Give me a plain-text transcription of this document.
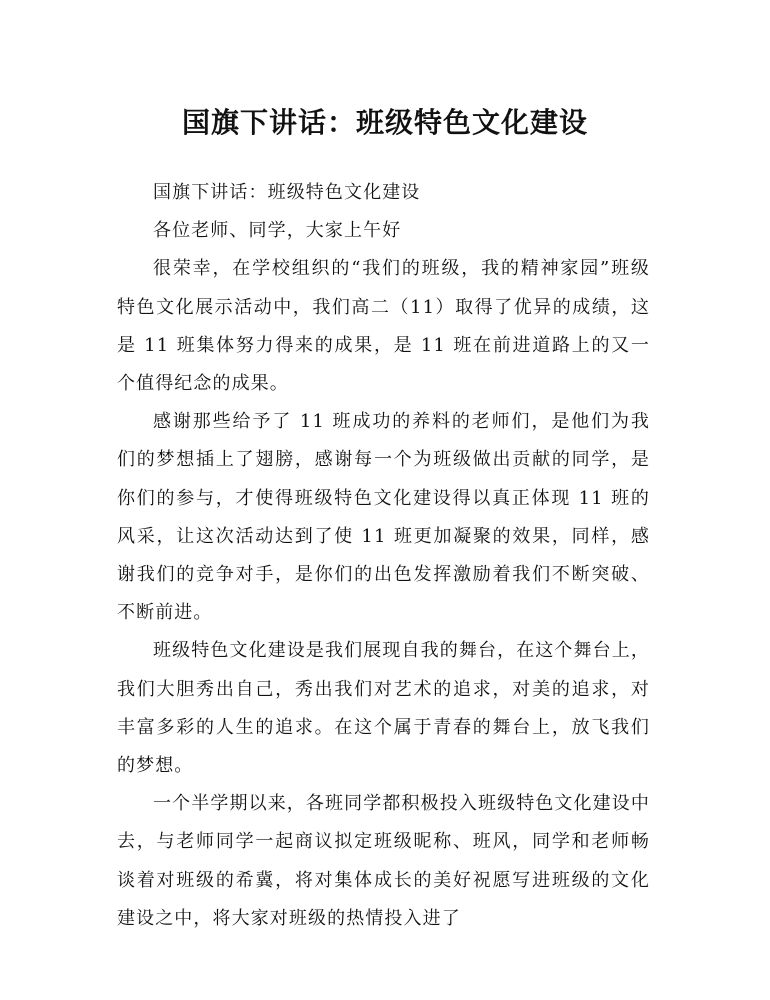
国旗下讲话：班级特色文化建设

国旗下讲话：班级特色文化建设

各位老师、同学，大家上午好

很荣幸，在学校组织的“我们的班级，我的精神家园”班级特色文化展示活动中，我们高二（11）取得了优异的成绩，这是 11 班集体努力得来的成果，是 11 班在前进道路上的又一个值得纪念的成果。

感谢那些给予了 11 班成功的养料的老师们，是他们为我们的梦想插上了翅膀，感谢每一个为班级做出贡献的同学，是你们的参与，才使得班级特色文化建设得以真正体现 11 班的风采，让这次活动达到了使 11 班更加凝聚的效果，同样，感谢我们的竞争对手，是你们的出色发挥激励着我们不断突破、不断前进。

班级特色文化建设是我们展现自我的舞台，在这个舞台上，我们大胆秀出自己，秀出我们对艺术的追求，对美的追求，对丰富多彩的人生的追求。在这个属于青春的舞台上，放飞我们的梦想。

一个半学期以来，各班同学都积极投入班级特色文化建设中去，与老师同学一起商议拟定班级昵称、班风，同学和老师畅谈着对班级的希冀，将对集体成长的美好祝愿写进班级的文化建设之中，将大家对班级的热情投入进了
